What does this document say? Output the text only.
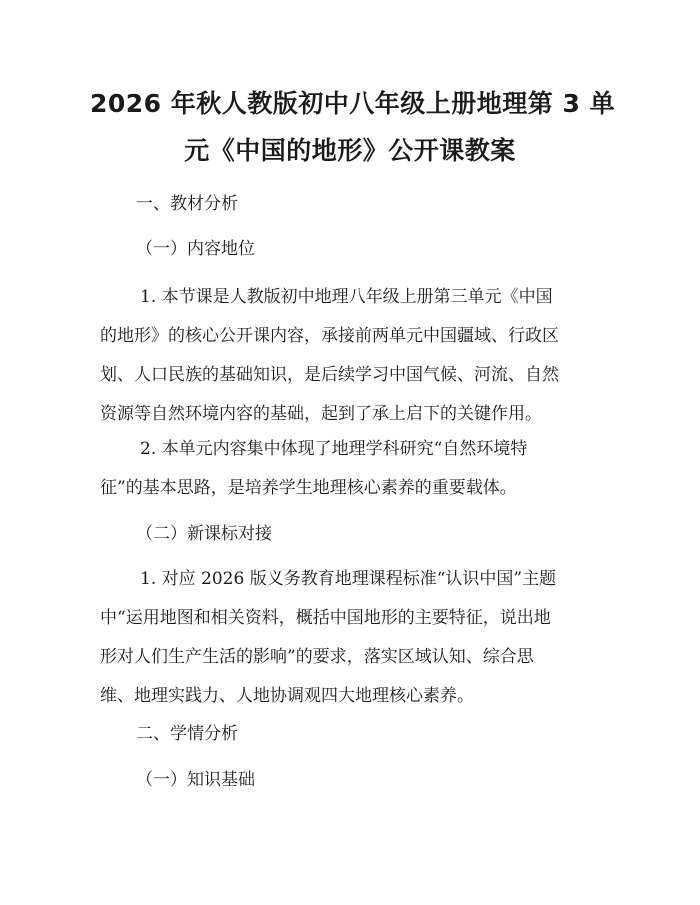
2026 年秋人教版初中八年级上册地理第 3 单
元《中国的地形》公开课教案
一、教材分析
（一）内容地位
1. 本节课是人教版初中地理八年级上册第三单元《中国
的地形》的核心公开课内容，承接前两单元中国疆域、行政区
划、人口民族的基础知识，是后续学习中国气候、河流、自然
资源等自然环境内容的基础，起到了承上启下的关键作用。
2. 本单元内容集中体现了地理学科研究“自然环境特
征”的基本思路，是培养学生地理核心素养的重要载体。
（二）新课标对接
1. 对应 2026 版义务教育地理课程标准“认识中国”主题
中“运用地图和相关资料，概括中国地形的主要特征，说出地
形对人们生产生活的影响”的要求，落实区域认知、综合思
维、地理实践力、人地协调观四大地理核心素养。
二、学情分析
（一）知识基础
